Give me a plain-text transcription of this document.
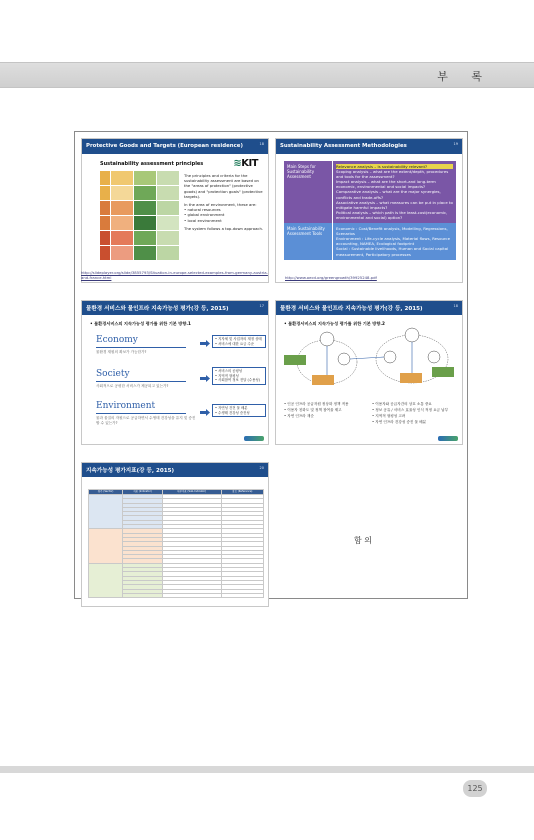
부 록
Protective Goods and Targets (European residence)	18
Sustainability assessment principles	≋KIT

The principles and criteria for the sustainability assessment are based on the "areas of protection" (protective goods) and "protection goals" (protective targets).

In the area of environment, these are:

• natural resources
• global environment
• local environment

The system follows a top-down approach.

http://slideplayer.org/slide/3855793/Situation-in-europe-selected-examples-from-germany-austria-and-france.html
Sustainability Assessment Methodologies	19
Main Steps for Sustainability Assessment
Relevance analysis – is sustainability relevant?
Scoping analysis – what are the extent/depth, procedures and tools for the assessment?
Impact analysis – what are the short-and long-term economic, environmental and social impacts?
Comparative analysis – what are the major synergies, conflicts and trade-offs?
Associative analysis – what measures can be put in place to mitigate harmful impacts?
Political analysis – which path is the least-cost(economic, environmental and social) option?
Main Sustainability Assessment Tools
Economic : Cost/Benefit analysis, Modelling, Regressions, Scenarios
Environment : Life-cycle analysis, Material flows, Resource accounting, NAMEA, Ecological footprint
Social : Sustainable livelihoods, Human and Social capital measurement, Participatory processes
http://www.oecd.org/greengrowth/39925248.pdf
물환경 서비스와 물인프라 지속가능성 평가(강 등, 2015)	17
• 물환경서비스의 지속가능성 평가를 위한 기본 방향.1
Economy
물환경 재원의 확보가 가능한가?
• 지자체 및 사업자의 재정 상태
• 서비스에 대한 요금 수준
Society
사회적으로 공평한 서비스가 제공되고 있는가?
• 서비스의 공평성
• 지역적 형평성
• 사회참여 정보 전달 (수용성)
Environment
물과 물질의 자원으로 공급하면서 수생태 건강성을 유지 및 증진할 수 있는가?
• 자연성 건전 물 배분
• 수생태 건강성 증진성
물환경 서비스와 물인프라 지속가능성 평가(강 등, 2015)	18
• 물환경서비스의 지속가능성 평가를 위한 기본 방향.2
• 인공 인프라 공급자원 정상화 정책 적용
• 이용자 친화도 및 정책 참여율 제고
• 자연 인프라 재순
• 이용자와 공급자간의 상호 소통 중요
• 정보 공유 / 서비스 효율성 인식 적정 요금 납부
• 지역적 형평성 고려
• 자연 인프라 건강성 증진 물 배분
지속가능성 평가지표(강 등, 2015)	20
평가 (Sector)	지표 (Indicator)	세부지표 (Sub-Indicator)	참조 (Reference)

함 의
125
